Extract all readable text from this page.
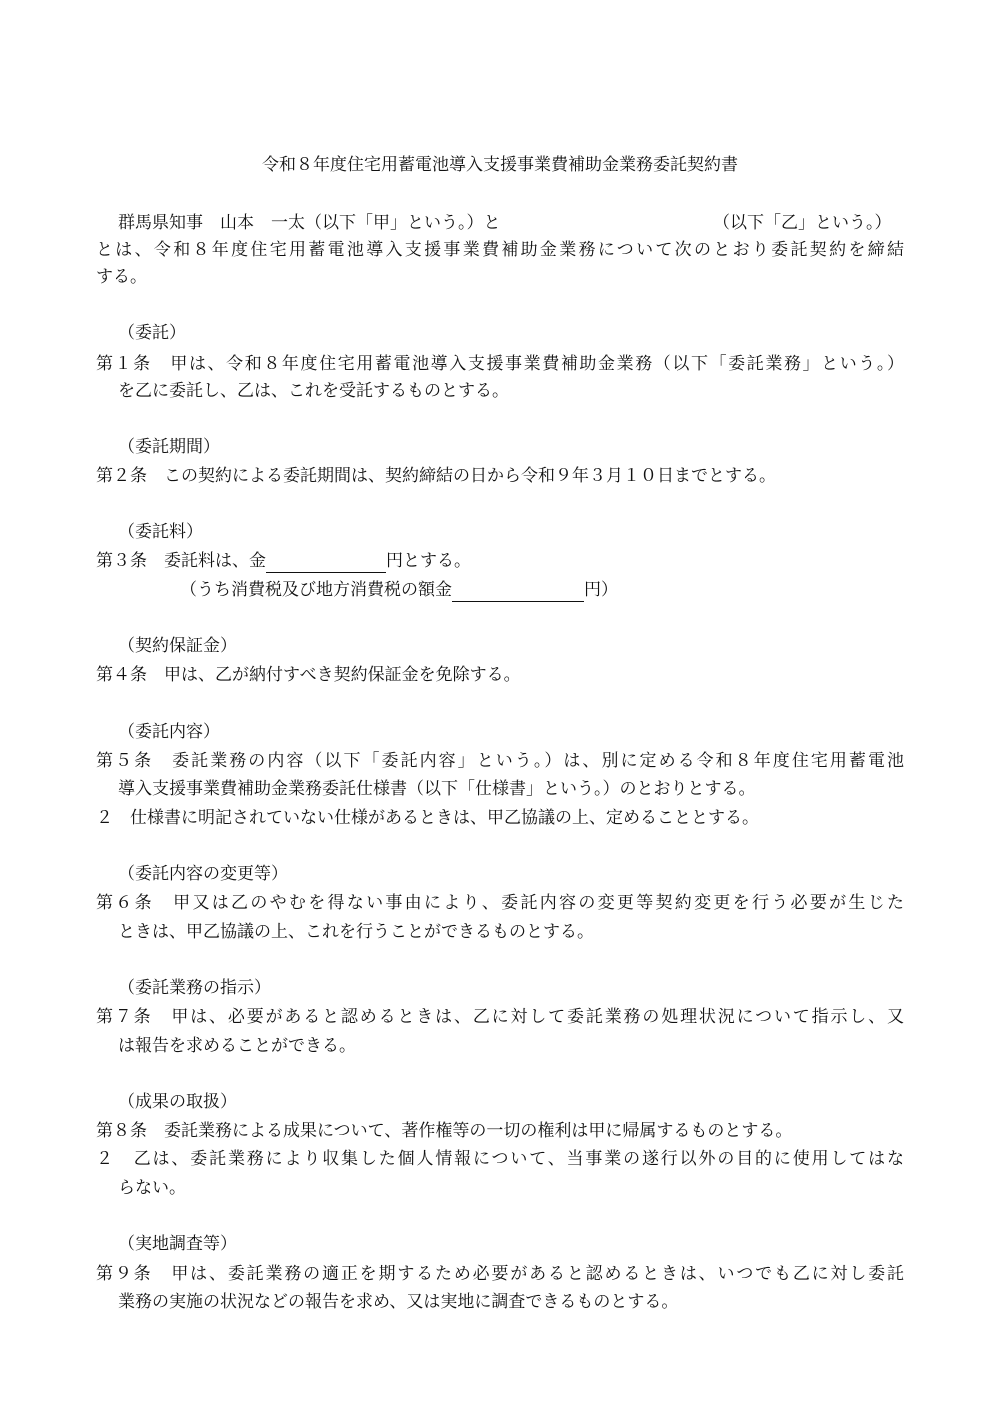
令和８年度住宅用蓄電池導入支援事業費補助金業務委託契約書
群馬県知事　山本　一太（以下「甲」という。）と	（以下「乙」という。）
とは、令和８年度住宅用蓄電池導入支援事業費補助金業務について次のとおり委託契約を締結
する。
（委託）
第１条　甲は、令和８年度住宅用蓄電池導入支援事業費補助金業務（以下「委託業務」という。）
を乙に委託し、乙は、これを受託するものとする。
（委託期間）
第２条　この契約による委託期間は、契約締結の日から令和９年３月１０日までとする。
（委託料）
第３条　委託料は、金	円とする。
（うち消費税及び地方消費税の額金	円）
（契約保証金）
第４条　甲は、乙が納付すべき契約保証金を免除する。
（委託内容）
第５条　委託業務の内容（以下「委託内容」という。）は、別に定める令和８年度住宅用蓄電池
導入支援事業費補助金業務委託仕様書（以下「仕様書」という。）のとおりとする。
２　仕様書に明記されていない仕様があるときは、甲乙協議の上、定めることとする。
（委託内容の変更等）
第６条　甲又は乙のやむを得ない事由により、委託内容の変更等契約変更を行う必要が生じた
ときは、甲乙協議の上、これを行うことができるものとする。
（委託業務の指示）
第７条　甲は、必要があると認めるときは、乙に対して委託業務の処理状況について指示し、又
は報告を求めることができる。
（成果の取扱）
第８条　委託業務による成果について、著作権等の一切の権利は甲に帰属するものとする。
２　乙は、委託業務により収集した個人情報について、当事業の遂行以外の目的に使用してはな
らない。
（実地調査等）
第９条　甲は、委託業務の適正を期するため必要があると認めるときは、いつでも乙に対し委託
業務の実施の状況などの報告を求め、又は実地に調査できるものとする。
